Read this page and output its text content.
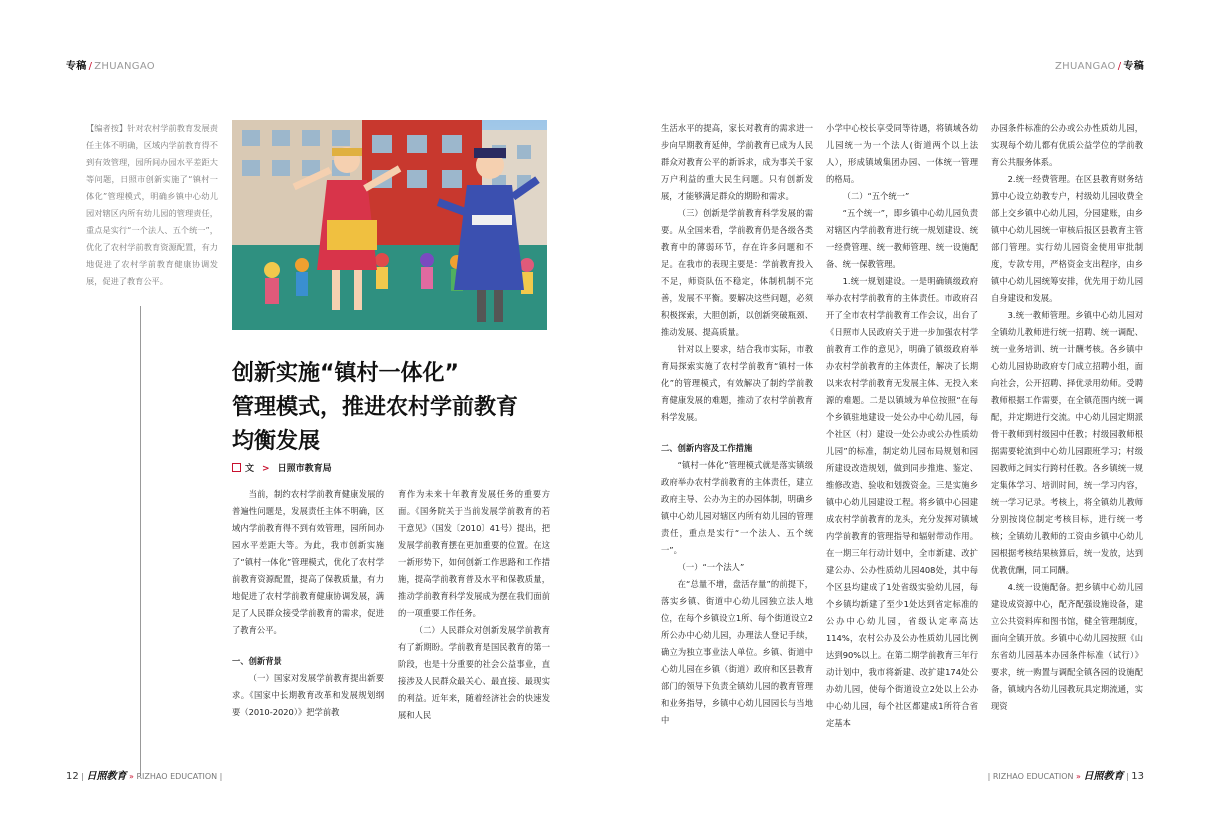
专稿 / ZHUANGAO	ZHUANGAO / 专稿
【编者按】针对农村学前教育发展责任主体不明确，区域内学前教育得不到有效管理，园所间办园水平差距大等问题，日照市创新实施了“镇村一体化”管理模式，明确乡镇中心幼儿园对辖区内所有幼儿园的管理责任，重点是实行“一个法人、五个统一”，优化了农村学前教育资源配置，有力地促进了农村学前教育健康协调发展，促进了教育公平。
创新实施“镇村一体化”
管理模式，推进农村学前教育
均衡发展
文 > 日照市教育局

当前，制约农村学前教育健康发展的普遍性问题是，发展责任主体不明确，区域内学前教育得不到有效管理，园所间办园水平差距大等。为此，我市创新实施了“镇村一体化”管理模式，优化了农村学前教育资源配置，提高了保教质量，有力地促进了农村学前教育健康协调发展，满足了人民群众接受学前教育的需求，促进了教育公平。

一、创新背景

（一）国家对发展学前教育提出新要求。《国家中长期教育改革和发展规划纲要（2010-2020）》把学前教

育作为未来十年教育发展任务的重要方面。《国务院关于当前发展学前教育的若干意见》（国发〔2010〕41号）提出，把发展学前教育摆在更加重要的位置。在这一新形势下，如何创新工作思路和工作措施，提高学前教育普及水平和保教质量，推动学前教育科学发展成为摆在我们面前的一项重要工作任务。

（二）人民群众对创新发展学前教育有了新期盼。学前教育是国民教育的第一阶段，也是十分重要的社会公益事业，直接涉及人民群众最关心、最直接、最现实的利益。近年来，随着经济社会的快速发展和人民

生活水平的提高，家长对教育的需求进一步向早期教育延伸，学前教育已成为人民群众对教育公平的新诉求，成为事关千家万户利益的重大民生问题。只有创新发展，才能够满足群众的期盼和需求。

（三）创新是学前教育科学发展的需要。从全国来看，学前教育仍是各级各类教育中的薄弱环节，存在许多问题和不足。在我市的表现主要是：学前教育投入不足，师资队伍不稳定，体制机制不完善，发展不平衡。要解决这些问题，必须积极探索，大胆创新，以创新突破瓶颈、推动发展、提高质量。

针对以上要求，结合我市实际，市教育局探索实施了农村学前教育“镇村一体化”的管理模式，有效解决了制约学前教育健康发展的难题，推动了农村学前教育科学发展。

二、创新内容及工作措施

“镇村一体化”管理模式就是落实镇级政府举办农村学前教育的主体责任，建立政府主导、公办为主的办园体制，明确乡镇中心幼儿园对辖区内所有幼儿园的管理责任，重点是实行“一个法人、五个统一”。

（一）“一个法人”

在“总量不增，盘活存量”的前提下，落实乡镇、街道中心幼儿园独立法人地位，在每个乡镇设立1所、每个街道设立2所公办中心幼儿园，办理法人登记手续，确立为独立事业法人单位。乡镇、街道中心幼儿园在乡镇（街道）政府和区县教育部门的领导下负责全镇幼儿园的教育管理和业务指导，乡镇中心幼儿园园长与当地中

小学中心校长享受同等待遇，将镇域各幼儿园统一为一个法人(街道两个以上法人），形成镇域集团办园、一体统一管理的格局。

（二）“五个统一”

“五个统一”，即乡镇中心幼儿园负责对辖区内学前教育进行统一规划建设、统一经费管理、统一教师管理、统一设施配备、统一保教管理。

1.统一规划建设。一是明确镇级政府举办农村学前教育的主体责任。市政府召开了全市农村学前教育工作会议，出台了《日照市人民政府关于进一步加强农村学前教育工作的意见》，明确了镇级政府举办农村学前教育的主体责任，解决了长期以来农村学前教育无发展主体、无投入来源的难题。二是以镇域为单位按照“在每个乡镇驻地建设一处公办中心幼儿园，每个社区（村）建设一处公办或公办性质幼儿园”的标准，制定幼儿园布局规划和园所建设改造规划，做到同步推進、鉴定、维修改造、验收和划拨资金。三是实施乡镇中心幼儿园建设工程。将乡镇中心园建成农村学前教育的龙头，充分发挥对镇域内学前教育的管理指导和辐射带动作用。在一期三年行动计划中，全市新建、改扩建公办、公办性质幼儿园408处，其中每个区县均建成了1处省级实验幼儿园，每个乡镇均新建了至少1处达到省定标准的公办中心幼儿园，省级认定率高达114%，农村公办及公办性质幼儿园比例达到90%以上。在第二期学前教育三年行动计划中，我市将新建、改扩建174处公办幼儿园，使每个街道设立2处以上公办中心幼儿园，每个社区都建成1所符合省定基本

办园条件标准的公办或公办性质幼儿园，实现每个幼儿都有优质公益学位的学前教育公共服务体系。

2.统一经费管理。在区县教育财务结算中心设立幼教专户，村级幼儿园收费全部上交乡镇中心幼儿园，分园建账，由乡镇中心幼儿园统一审核后报区县教育主管部门管理。实行幼儿园资金使用审批制度，专款专用，严格资金支出程序，由乡镇中心幼儿园统筹安排，优先用于幼儿园自身建设和发展。

3.统一教师管理。乡镇中心幼儿园对全镇幼儿教师进行统一招聘、统一调配、统一业务培训、统一计酬考核。各乡镇中心幼儿园协助政府专门成立招聘小组，面向社会，公开招聘、择优录用幼师。受聘教师根据工作需要，在全镇范围内统一调配，并定期进行交流。中心幼儿园定期派骨干教师到村级园中任教；村级园教师根据需要轮流到中心幼儿园跟班学习；村级园教师之间实行跨村任教。各乡镇统一规定集体学习、培训时间，统一学习内容，统一学习记录。考核上，将全镇幼儿教师分别按岗位制定考核目标，进行统一考核；全镇幼儿教师的工资由乡镇中心幼儿园根据考核结果核算后，统一发放，达到优教优酬，同工同酬。

4.统一设施配备。把乡镇中心幼儿园建设成资源中心，配齐配强设施设备，建立公共资料库和图书馆，健全管理制度，面向全镇开放。乡镇中心幼儿园按照《山东省幼儿园基本办园条件标准（试行）》要求，统一购置与调配全镇各园的设施配备，镇域内各幼儿园教玩具定期流通，实现资

12 | 日照教育 » RIZHAO EDUCATION |	| RIZHAO EDUCATION » 日照教育 | 13
